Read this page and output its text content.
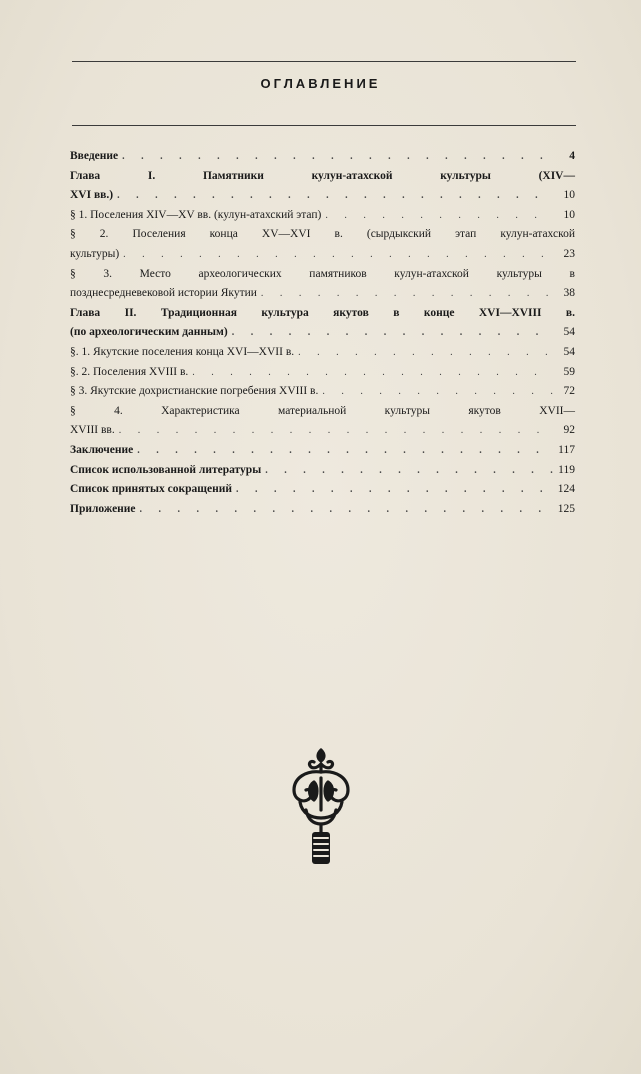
ОГЛАВЛЕНИЕ
Введение . . .	4
Глава I. Памятники кулун-атахской культуры (XIV—
XVI вв.) . . .	10
§ 1. Поселения XIV—XV вв. (кулун-атахский этап) . . .	10
§ 2. Поселения конца XV—XVI в. (сырдыкский этап кулун-атахской
культуры) . . .	23
§ 3. Место археологических памятников кулун-атахской культуры в
позднесредневековой истории Якутии . . .	38
Глава II. Традиционная культура якутов в конце XVI—XVIII в.
(по археологическим данным) . . .	54
§. 1. Якутские поселения конца XVI—XVII в. . . .	54
§. 2. Поселения XVIII в. . . .	59
§ 3. Якутские дохристианские погребения XVIII в. . . .	72
§ 4. Характеристика материальной культуры якутов XVII—
XVIII вв. . . .	92
Заключение . . .	117
Список использованной литературы . . .	119
Список принятых сокращений . . .	124
Приложение . . .	125
